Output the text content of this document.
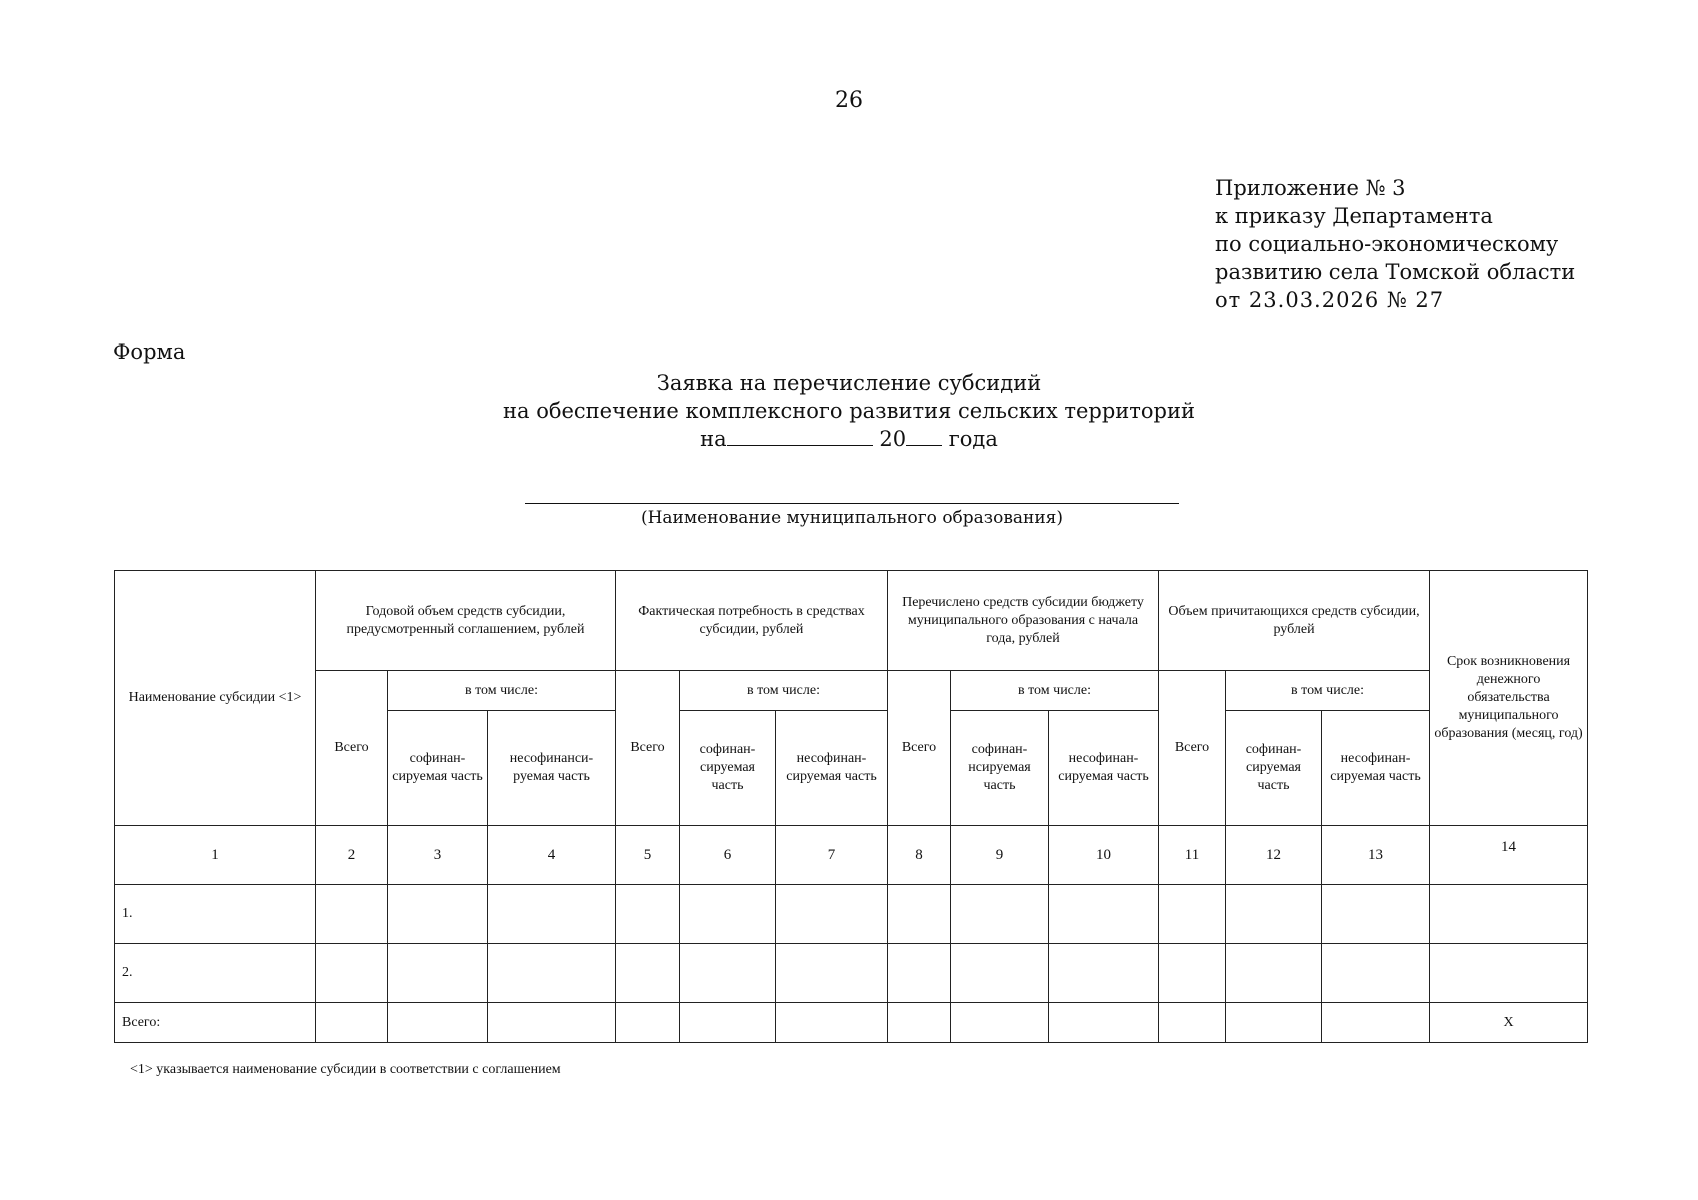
26
Приложение № 3
к приказу Департамента
по социально-экономическому
развитию села Томской области
от 23.03.2026 № 27
Форма
Заявка на перечисление субсидий
на обеспечение комплексного развития сельских территорий
на	20 года
(Наименование муниципального образования)
Наименование субсидии <1>	Годовой объем средств субсидии, предусмотренный соглашением, рублей			Фактическая потребность в средствах субсидии, рублей			Перечислено средств субсидии бюджету муниципального образования с начала года, рублей			Объем причитающихся средств субсидии, рублей			Срок возникновения денежного обязательства муниципального образования (месяц, год)
	Всего	в том числе:		Всего	в том числе:		Всего	в том числе:		Всего	в том числе:		
		софинан-сируемая часть	несофинанси-руемая часть		софинан-сируемая часть	несофинан-сируемая часть		софинан-нсируемая часть	несофинан-сируемая часть		софинан-сируемая часть	несофинан-сируемая часть	
1	2	3	4	5	6	7	8	9	10	11	12	13	14
1.													
2.													
Всего:													Х
<1> указывается наименование субсидии в соответствии с соглашением
